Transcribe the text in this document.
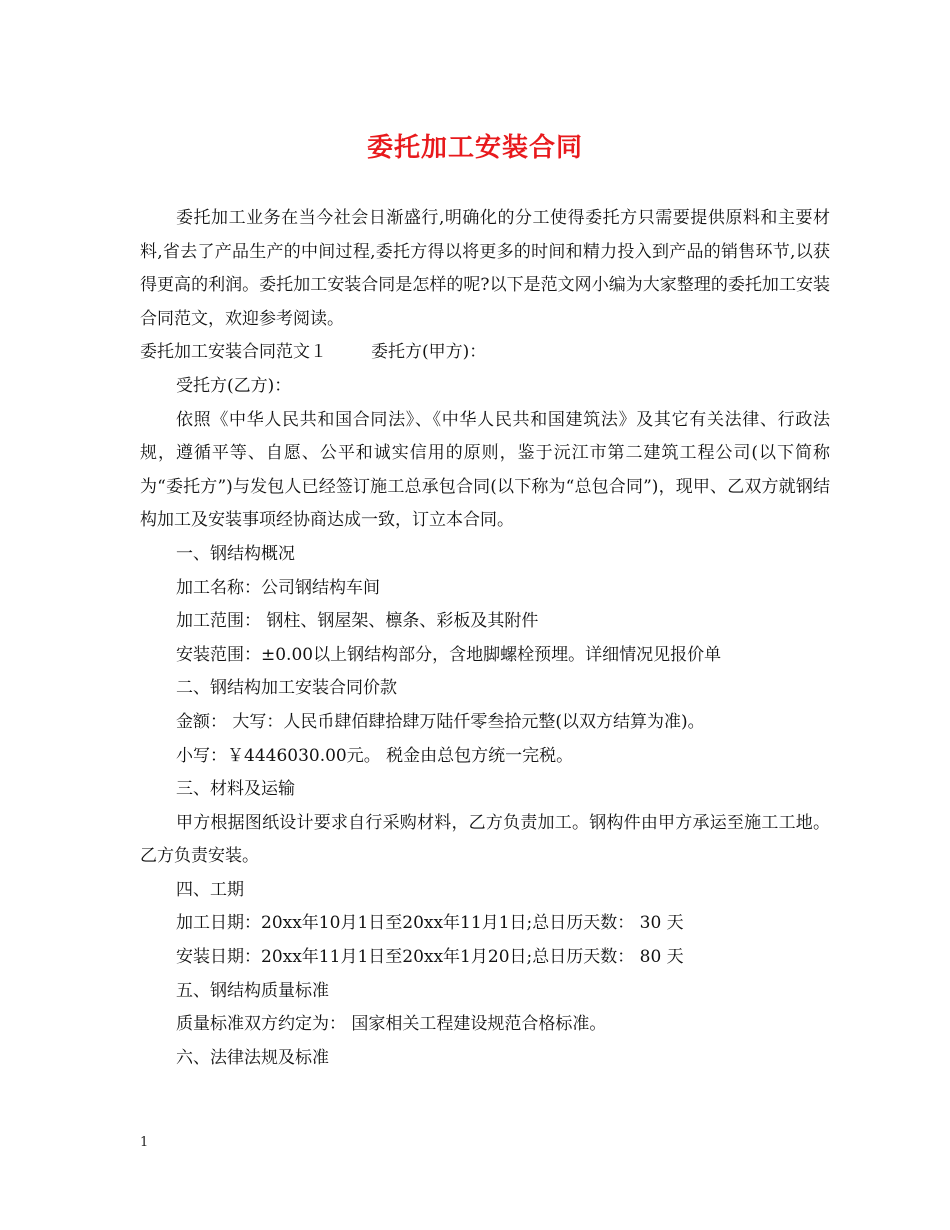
委托加工安装合同

委托加工业务在当今社会日渐盛行,明确化的分工使得委托方只需要提供原料和主要材料,省去了产品生产的中间过程,委托方得以将更多的时间和精力投入到产品的销售环节,以获得更高的利润。委托加工安装合同是怎样的呢?以下是范文网小编为大家整理的委托加工安装合同范文，欢迎参考阅读。

委托加工安装合同范文１	委托方(甲方)：

受托方(乙方)：

依照《中华人民共和国合同法》、《中华人民共和国建筑法》及其它有关法律、行政法规，遵循平等、自愿、公平和诚实信用的原则，鉴于沅江市第二建筑工程公司(以下简称为“委托方”)与发包人已经签订施工总承包合同(以下称为“总包合同”)，现甲、乙双方就钢结构加工及安装事项经协商达成一致，订立本合同。

一、钢结构概况

加工名称：公司钢结构车间

加工范围： 钢柱、钢屋架、檩条、彩板及其附件

安装范围：±0.00以上钢结构部分，含地脚螺栓预埋。详细情况见报价单

二、钢结构加工安装合同价款

金额： 大写：人民币肆佰肆拾肆万陆仟零叁拾元整(以双方结算为准)。

小写：￥4446030.00元。 税金由总包方统一完税。

三、材料及运输

甲方根据图纸设计要求自行采购材料，乙方负责加工。钢构件由甲方承运至施工工地。乙方负责安装。

四、工期

加工日期：20xx年10月1日至20xx年11月1日;总日历天数： 30 天

安装日期：20xx年11月1日至20xx年1月20日;总日历天数： 80 天

五、钢结构质量标准

质量标准双方约定为： 国家相关工程建设规范合格标准。

六、法律法规及标准

1
